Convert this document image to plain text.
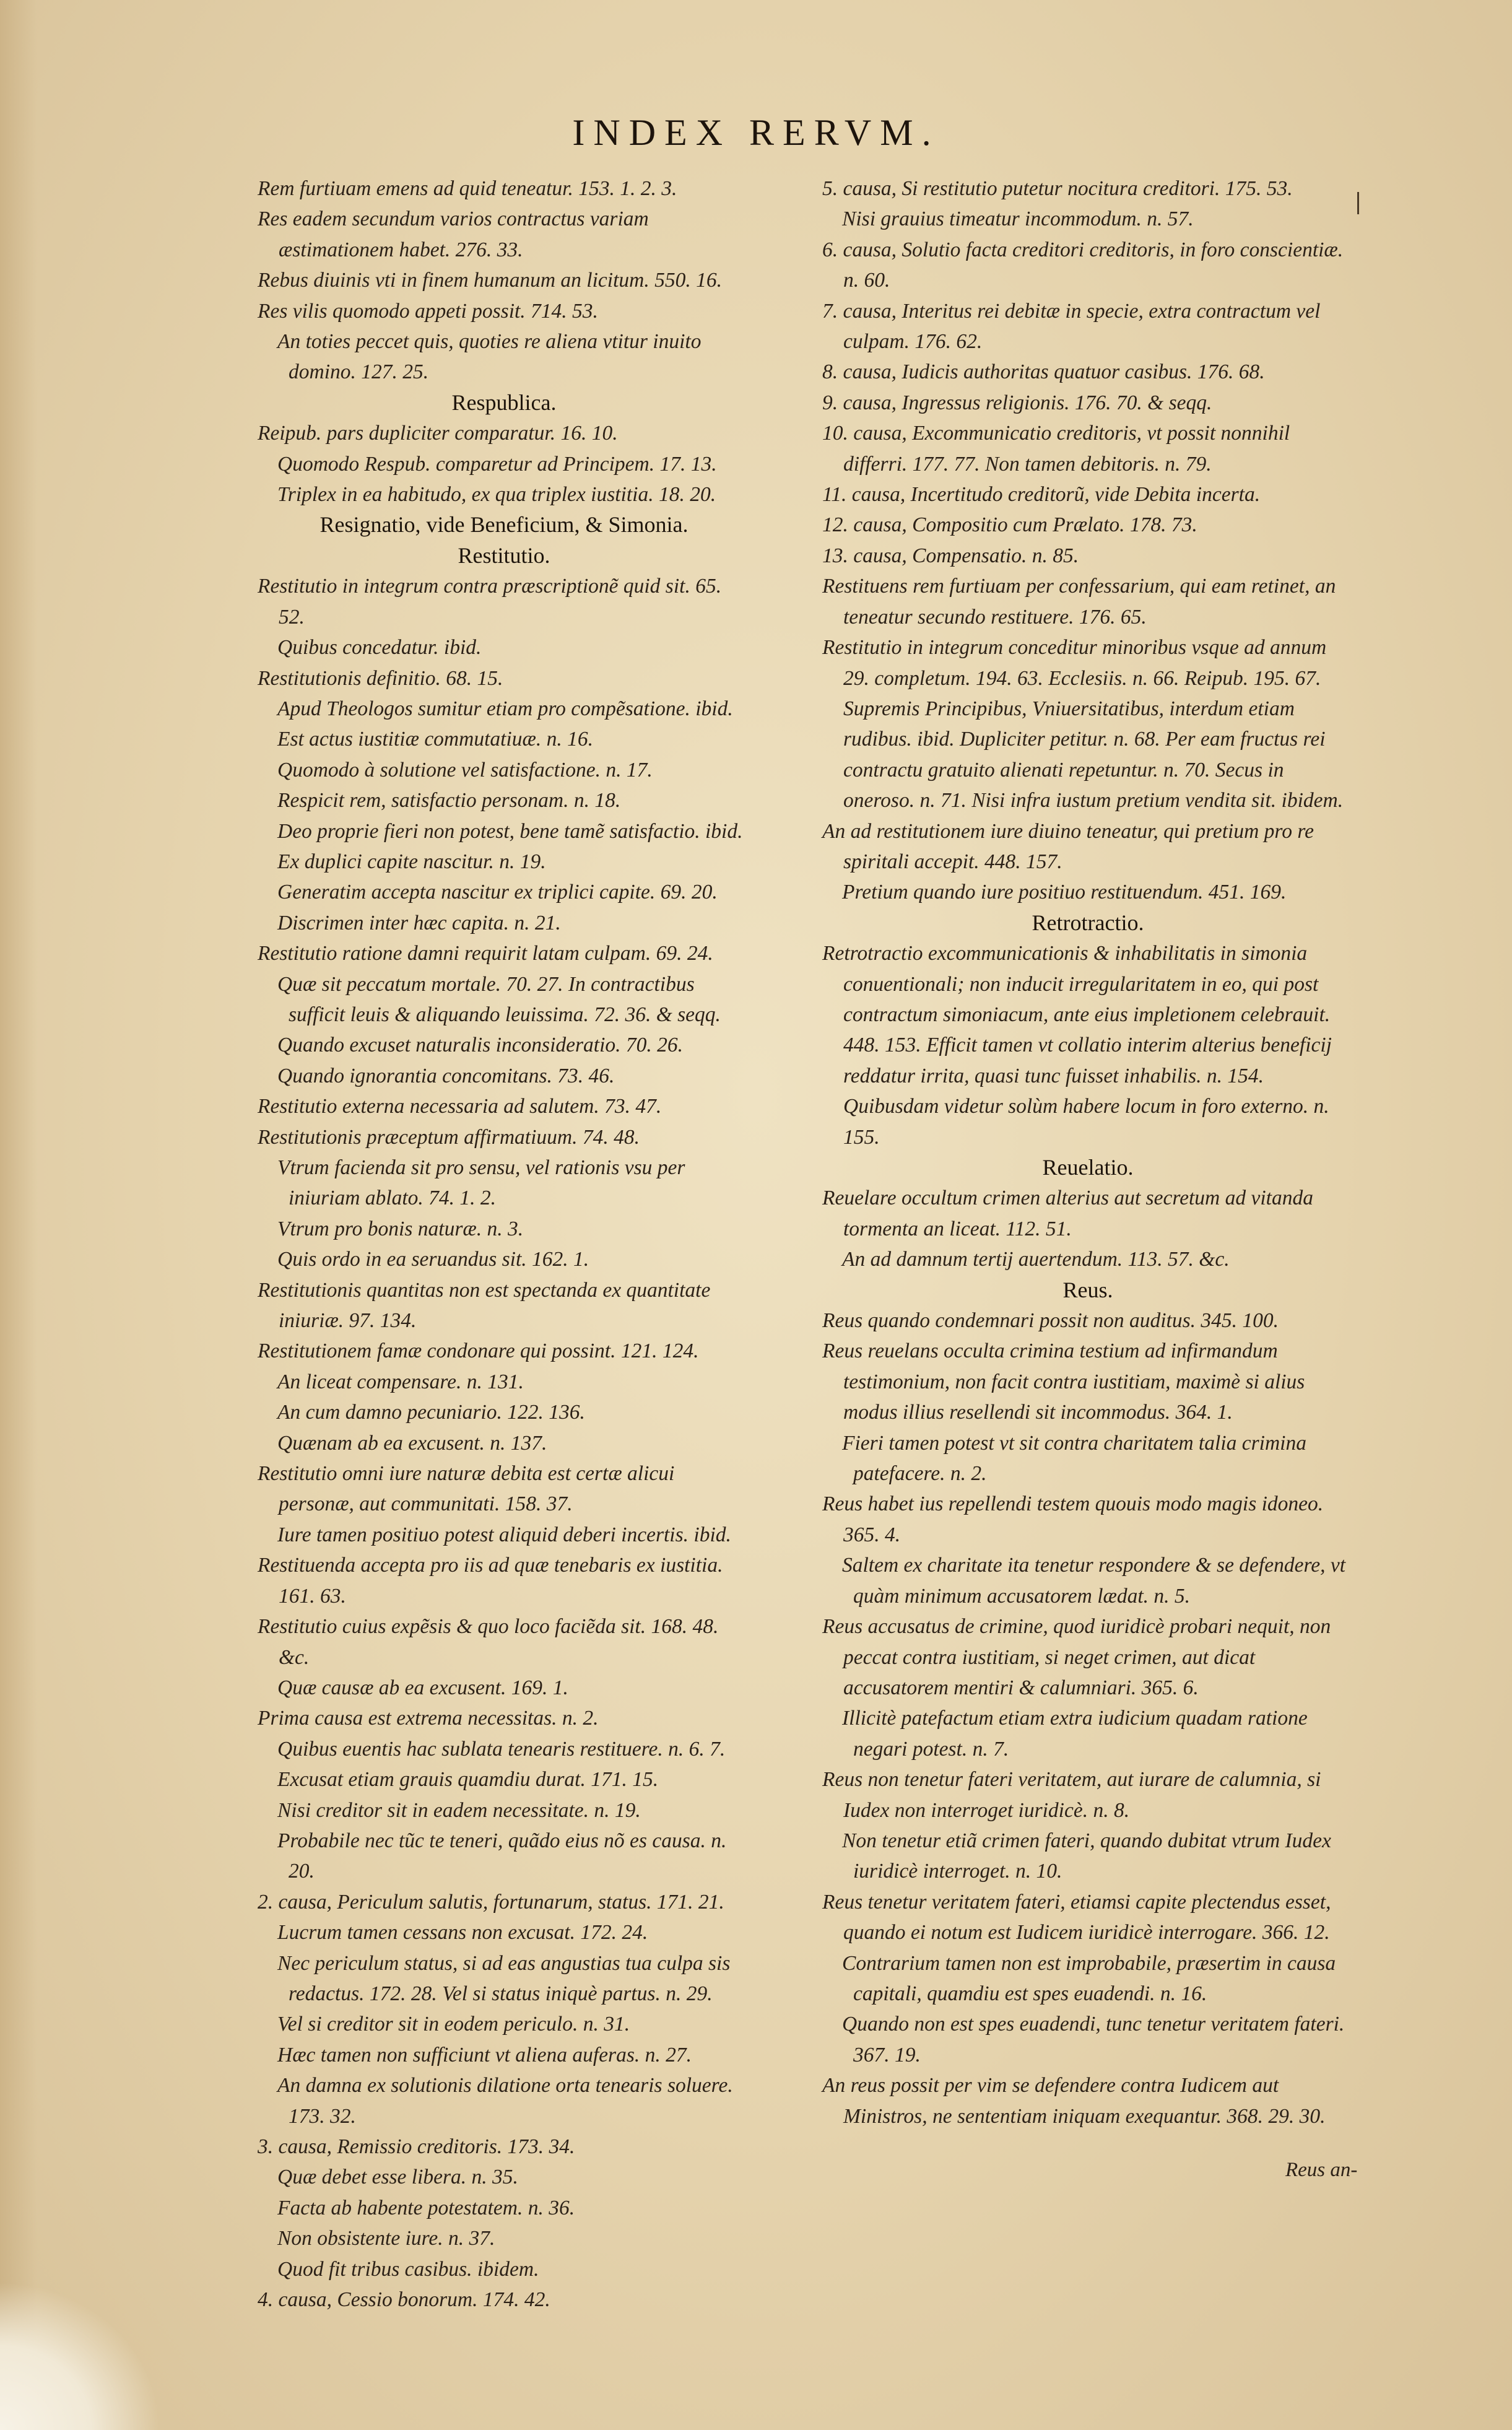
INDEX RERVM.

Rem furtiuam emens ad quid teneatur. 153. 1. 2. 3.

Res eadem secundum varios contractus variam æstimationem habet. 276. 33.

Rebus diuinis vti in finem humanum an licitum. 550. 16.

Res vilis quomodo appeti possit. 714. 53.

An toties peccet quis, quoties re aliena vtitur inuito domino. 127. 25.

Respublica.

Reipub. pars dupliciter comparatur. 16. 10.

Quomodo Respub. comparetur ad Principem. 17. 13.

Triplex in ea habitudo, ex qua triplex iustitia. 18. 20.

Resignatio, vide Beneficium, & Simonia.

Restitutio.

Restitutio in integrum contra præscriptionẽ quid sit. 65. 52.

Quibus concedatur. ibid.

Restitutionis definitio. 68. 15.

Apud Theologos sumitur etiam pro compẽsatione. ibid.

Est actus iustitiæ commutatiuæ. n. 16.

Quomodo à solutione vel satisfactione. n. 17.

Respicit rem, satisfactio personam. n. 18.

Deo proprie fieri non potest, bene tamẽ satisfactio. ibid.

Ex duplici capite nascitur. n. 19.

Generatim accepta nascitur ex triplici capite. 69. 20.

Discrimen inter hæc capita. n. 21.

Restitutio ratione damni requirit latam culpam. 69. 24.

Quæ sit peccatum mortale. 70. 27. In contractibus sufficit leuis & aliquando leuissima. 72. 36. & seqq.

Quando excuset naturalis inconsideratio. 70. 26.

Quando ignorantia concomitans. 73. 46.

Restitutio externa necessaria ad salutem. 73. 47.

Restitutionis præceptum affirmatiuum. 74. 48.

Vtrum facienda sit pro sensu, vel rationis vsu per iniuriam ablato. 74. 1. 2.

Vtrum pro bonis naturæ. n. 3.

Quis ordo in ea seruandus sit. 162. 1.

Restitutionis quantitas non est spectanda ex quantitate iniuriæ. 97. 134.

Restitutionem famæ condonare qui possint. 121. 124.

An liceat compensare. n. 131.

An cum damno pecuniario. 122. 136.

Quænam ab ea excusent. n. 137.

Restitutio omni iure naturæ debita est certæ alicui personæ, aut communitati. 158. 37.

Iure tamen positiuo potest aliquid deberi incertis. ibid.

Restituenda accepta pro iis ad quæ tenebaris ex iustitia. 161. 63.

Restitutio cuius expẽsis & quo loco faciẽda sit. 168. 48. &c.

Quæ causæ ab ea excusent. 169. 1.

Prima causa est extrema necessitas. n. 2.

Quibus euentis hac sublata tenearis restituere. n. 6. 7.

Excusat etiam grauis quamdiu durat. 171. 15.

Nisi creditor sit in eadem necessitate. n. 19.

Probabile nec tũc te teneri, quãdo eius nõ es causa. n. 20.

2. causa, Periculum salutis, fortunarum, status. 171. 21.

Lucrum tamen cessans non excusat. 172. 24.

Nec periculum status, si ad eas angustias tua culpa sis redactus. 172. 28. Vel si status iniquè partus. n. 29.

Vel si creditor sit in eodem periculo. n. 31.

Hæc tamen non sufficiunt vt aliena auferas. n. 27.

An damna ex solutionis dilatione orta tenearis soluere. 173. 32.

3. causa, Remissio creditoris. 173. 34.

Quæ debet esse libera. n. 35.

Facta ab habente potestatem. n. 36.

Non obsistente iure. n. 37.

Quod fit tribus casibus. ibidem.

4. causa, Cessio bonorum. 174. 42.

5. causa, Si restitutio putetur nocitura creditori. 175. 53.

Nisi grauius timeatur incommodum. n. 57.

6. causa, Solutio facta creditori creditoris, in foro conscientiæ. n. 60.

7. causa, Interitus rei debitæ in specie, extra contractum vel culpam. 176. 62.

8. causa, Iudicis authoritas quatuor casibus. 176. 68.

9. causa, Ingressus religionis. 176. 70. & seqq.

10. causa, Excommunicatio creditoris, vt possit nonnihil differri. 177. 77. Non tamen debitoris. n. 79.

11. causa, Incertitudo creditorũ, vide Debita incerta.

12. causa, Compositio cum Prælato. 178. 73.

13. causa, Compensatio. n. 85.

Restituens rem furtiuam per confessarium, qui eam retinet, an teneatur secundo restituere. 176. 65.

Restitutio in integrum conceditur minoribus vsque ad annum 29. completum. 194. 63. Ecclesiis. n. 66. Reipub. 195. 67. Supremis Principibus, Vniuersitatibus, interdum etiam rudibus. ibid. Dupliciter petitur. n. 68. Per eam fructus rei contractu gratuito alienati repetuntur. n. 70. Secus in oneroso. n. 71. Nisi infra iustum pretium vendita sit. ibidem.

An ad restitutionem iure diuino teneatur, qui pretium pro re spiritali accepit. 448. 157.

Pretium quando iure positiuo restituendum. 451. 169.

Retrotractio.

Retrotractio excommunicationis & inhabilitatis in simonia conuentionali; non inducit irregularitatem in eo, qui post contractum simoniacum, ante eius impletionem celebrauit. 448. 153. Efficit tamen vt collatio interim alterius beneficij reddatur irrita, quasi tunc fuisset inhabilis. n. 154. Quibusdam videtur solùm habere locum in foro externo. n. 155.

Reuelatio.

Reuelare occultum crimen alterius aut secretum ad vitanda tormenta an liceat. 112. 51.

An ad damnum tertij auertendum. 113. 57. &c.

Reus.

Reus quando condemnari possit non auditus. 345. 100.

Reus reuelans occulta crimina testium ad infirmandum testimonium, non facit contra iustitiam, maximè si alius modus illius resellendi sit incommodus. 364. 1.

Fieri tamen potest vt sit contra charitatem talia crimina patefacere. n. 2.

Reus habet ius repellendi testem quouis modo magis idoneo. 365. 4.

Saltem ex charitate ita tenetur respondere & se defendere, vt quàm minimum accusatorem lædat. n. 5.

Reus accusatus de crimine, quod iuridicè probari nequit, non peccat contra iustitiam, si neget crimen, aut dicat accusatorem mentiri & calumniari. 365. 6.

Illicitè patefactum etiam extra iudicium quadam ratione negari potest. n. 7.

Reus non tenetur fateri veritatem, aut iurare de calumnia, si Iudex non interroget iuridicè. n. 8.

Non tenetur etiã crimen fateri, quando dubitat vtrum Iudex iuridicè interroget. n. 10.

Reus tenetur veritatem fateri, etiamsi capite plectendus esset, quando ei notum est Iudicem iuridicè interrogare. 366. 12.

Contrarium tamen non est improbabile, præsertim in causa capitali, quamdiu est spes euadendi. n. 16.

Quando non est spes euadendi, tunc tenetur veritatem fateri. 367. 19.

An reus possit per vim se defendere contra Iudicem aut Ministros, ne sententiam iniquam exequantur. 368. 29. 30.

Reus an-
